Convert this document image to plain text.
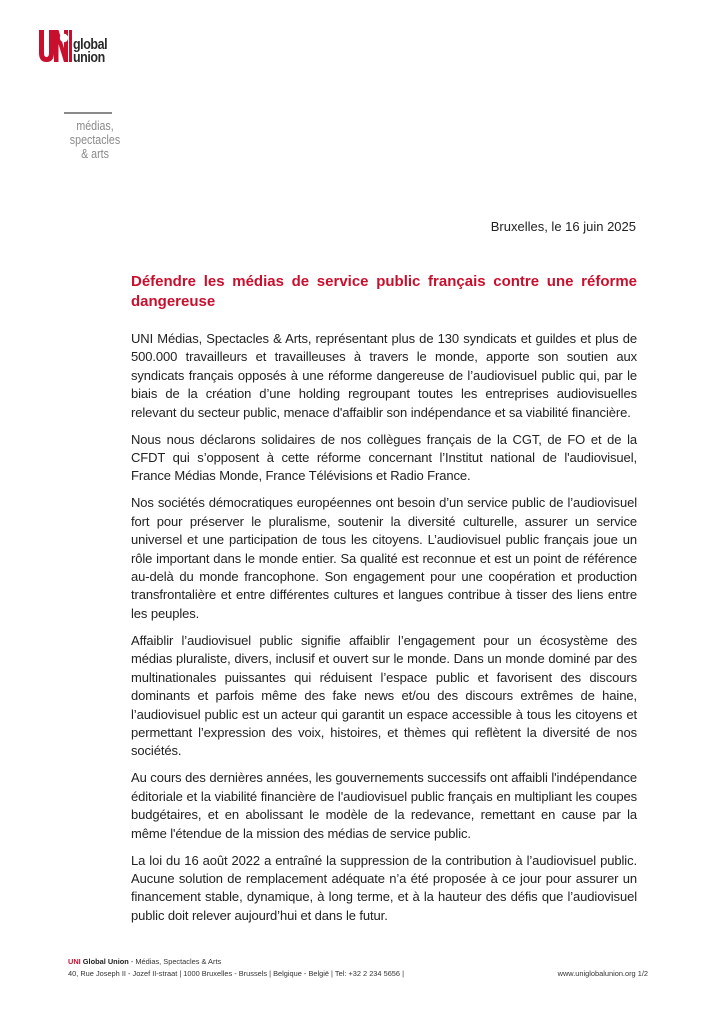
global
union
médias,
spectacles
& arts
Bruxelles, le 16 juin 2025
Défendre les médias de service public français contre une réforme dangereuse

UNI Médias, Spectacles & Arts, représentant plus de 130 syndicats et guildes et plus de 500.000 travailleurs et travailleuses à travers le monde, apporte son soutien aux syndicats français opposés à une réforme dangereuse de l’audiovisuel public qui, par le biais de la création d’une holding regroupant toutes les entreprises audiovisuelles relevant du secteur public, menace d'affaiblir son indépendance et sa viabilité financière.

Nous nous déclarons solidaires de nos collègues français de la CGT, de FO et de la CFDT qui s’opposent à cette réforme concernant l’Institut national de l'audiovisuel, France Médias Monde, France Télévisions et Radio France.

Nos sociétés démocratiques européennes ont besoin d’un service public de l’audiovisuel fort pour préserver le pluralisme, soutenir la diversité culturelle, assurer un service universel et une participation de tous les citoyens. L’audiovisuel public français joue un rôle important dans le monde entier. Sa qualité est reconnue et est un point de référence au-delà du monde francophone. Son engagement pour une coopération et production transfrontalière et entre différentes cultures et langues contribue à tisser des liens entre les peuples.

Affaiblir l’audiovisuel public signifie affaiblir l’engagement pour un écosystème des médias pluraliste, divers, inclusif et ouvert sur le monde. Dans un monde dominé par des multinationales puissantes qui réduisent l’espace public et favorisent des discours dominants et parfois même des fake news et/ou des discours extrêmes de haine, l’audiovisuel public est un acteur qui garantit un espace accessible à tous les citoyens et permettant l’expression des voix, histoires, et thèmes qui reflètent la diversité de nos sociétés.

Au cours des dernières années, les gouvernements successifs ont affaibli l'indépendance éditoriale et la viabilité financière de l'audiovisuel public français en multipliant les coupes budgétaires, et en abolissant le modèle de la redevance, remettant en cause par la même l'étendue de la mission des médias de service public.

La loi du 16 août 2022 a entraîné la suppression de la contribution à l’audiovisuel public. Aucune solution de remplacement adéquate n’a été proposée à ce jour pour assurer un financement stable, dynamique, à long terme, et à la hauteur des défis que l’audiovisuel public doit relever aujourd’hui et dans le futur.

UNI Global Union - Médias, Spectacles & Arts
40, Rue Joseph II - Jozef II-straat | 1000 Bruxelles - Brussels | Belgique - België | Tel: +32 2 234 5656 |	www.uniglobalunion.org 1/2
